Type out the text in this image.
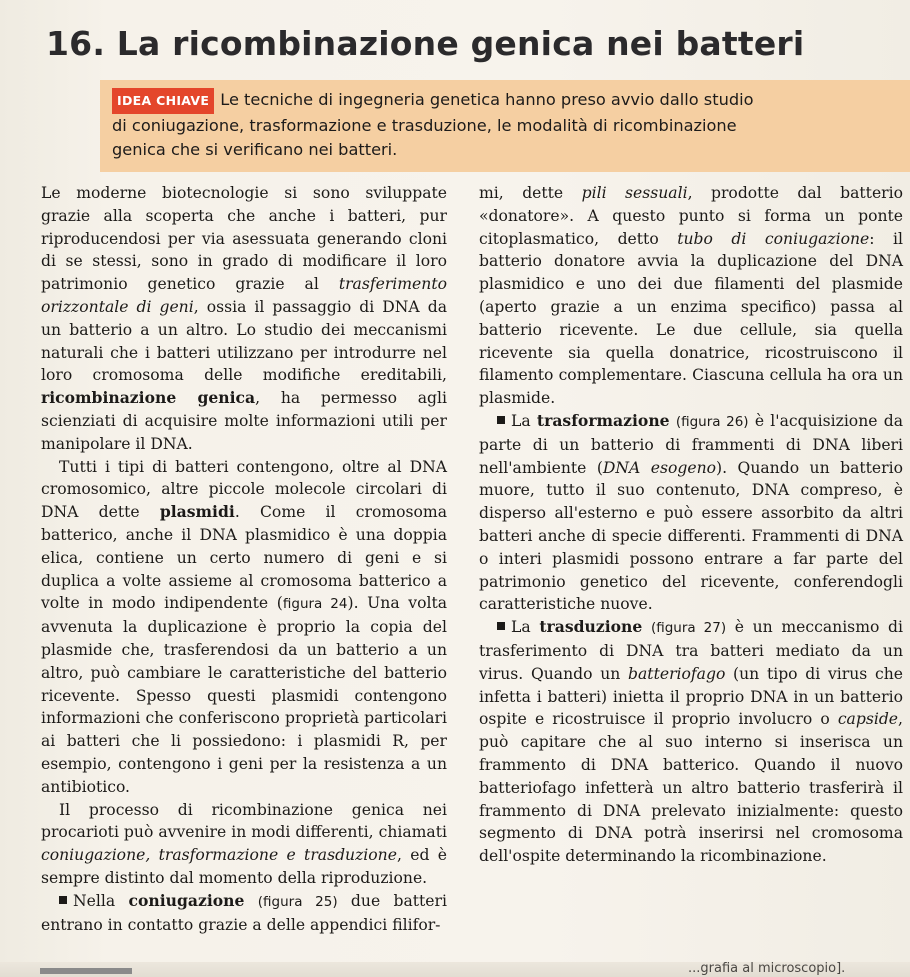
16. La ricombinazione genica nei batteri

IDEA CHIAVE Le tecniche di ingegneria genetica hanno preso avvio dallo studio di coniugazione, trasformazione e trasduzione, le modalità di ricombinazione genica che si verificano nei batteri.

Le moderne biotecnologie si sono sviluppate grazie alla scoperta che anche i batteri, pur riproducendosi per via asessuata generando cloni di se stessi, sono in grado di modificare il loro patrimonio genetico grazie al trasferimento orizzontale di geni, ossia il passaggio di DNA da un batterio a un altro. Lo studio dei meccanismi naturali che i batteri utilizzano per introdurre nel loro cromosoma delle modifiche ereditabili, ricombinazione genica, ha permesso agli scienziati di acquisire molte informazioni utili per manipolare il DNA.

Tutti i tipi di batteri contengono, oltre al DNA cromosomico, altre piccole molecole circolari di DNA dette plasmidi. Come il cromosoma batterico, anche il DNA plasmidico è una doppia elica, contiene un certo numero di geni e si duplica a volte assieme al cromosoma batterico a volte in modo indipendente (figura 24). Una volta avvenuta la duplicazione è proprio la copia del plasmide che, trasferendosi da un batterio a un altro, può cambiare le caratteristiche del batterio ricevente. Spesso questi plasmidi contengono informazioni che conferiscono proprietà particolari ai batteri che li possiedono: i plasmidi R, per esempio, contengono i geni per la resistenza a un antibiotico.

Il processo di ricombinazione genica nei procarioti può avvenire in modi differenti, chiamati coniugazione, trasformazione e trasduzione, ed è sempre distinto dal momento della riproduzione.

Nella coniugazione (figura 25) due batteri entrano in contatto grazie a delle appendici filifor-

mi, dette pili sessuali, prodotte dal batterio «donatore». A questo punto si forma un ponte citoplasmatico, detto tubo di coniugazione: il batterio donatore avvia la duplicazione del DNA plasmidico e uno dei due filamenti del plasmide (aperto grazie a un enzima specifico) passa al batterio ricevente. Le due cellule, sia quella ricevente sia quella donatrice, ricostruiscono il filamento complementare. Ciascuna cellula ha ora un plasmide.

La trasformazione (figura 26) è l'acquisizione da parte di un batterio di frammenti di DNA liberi nell'ambiente (DNA esogeno). Quando un batterio muore, tutto il suo contenuto, DNA compreso, è disperso all'esterno e può essere assorbito da altri batteri anche di specie differenti. Frammenti di DNA o interi plasmidi possono entrare a far parte del patrimonio genetico del ricevente, conferendogli caratteristiche nuove.

La trasduzione (figura 27) è un meccanismo di trasferimento di DNA tra batteri mediato da un virus. Quando un batteriofago (un tipo di virus che infetta i batteri) inietta il proprio DNA in un batterio ospite e ricostruisce il proprio involucro o capside, può capitare che al suo interno si inserisca un frammento di DNA batterico. Quando il nuovo batteriofago infetterà un altro batterio trasferirà il frammento di DNA prelevato inizialmente: questo segmento di DNA potrà inserirsi nel cromosoma dell'ospite determinando la ricombinazione.

...grafia al microscopio].
